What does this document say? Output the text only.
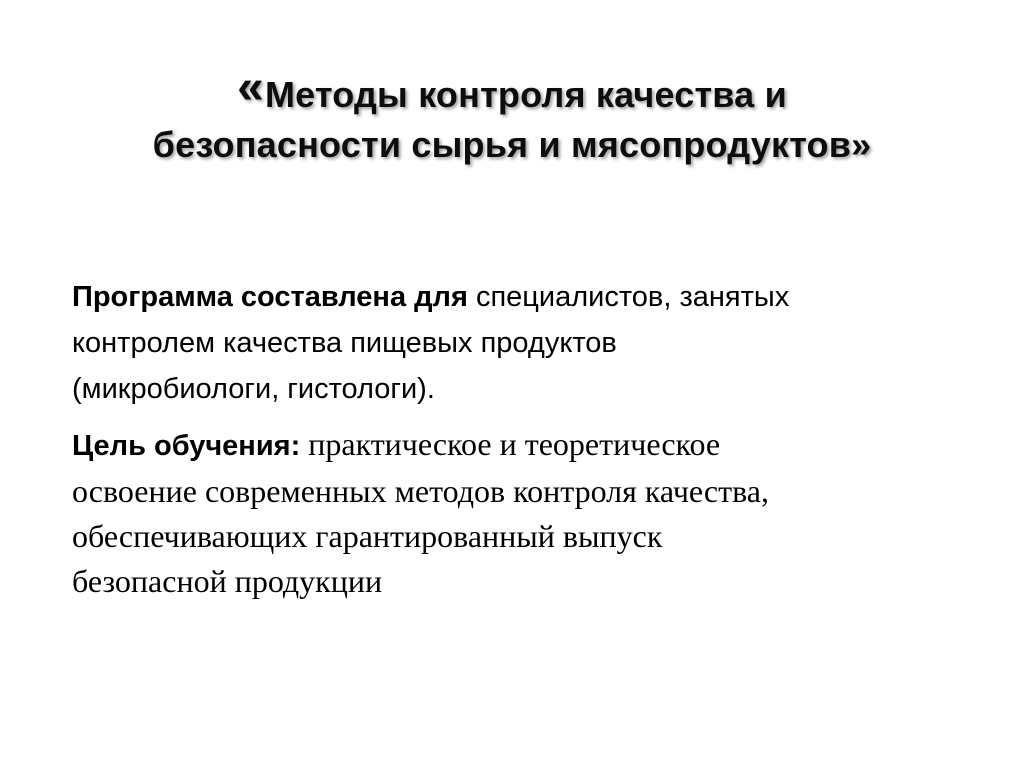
«Методы контроля качества и
безопасности сырья и мясопродуктов»

Программа составлена для специалистов, занятых
контролем качества пищевых продуктов
(микробиологи, гистологи).

Цель обучения: практическое и теоретическое
освоение современных методов контроля качества,
обеспечивающих гарантированный выпуск
безопасной продукции
